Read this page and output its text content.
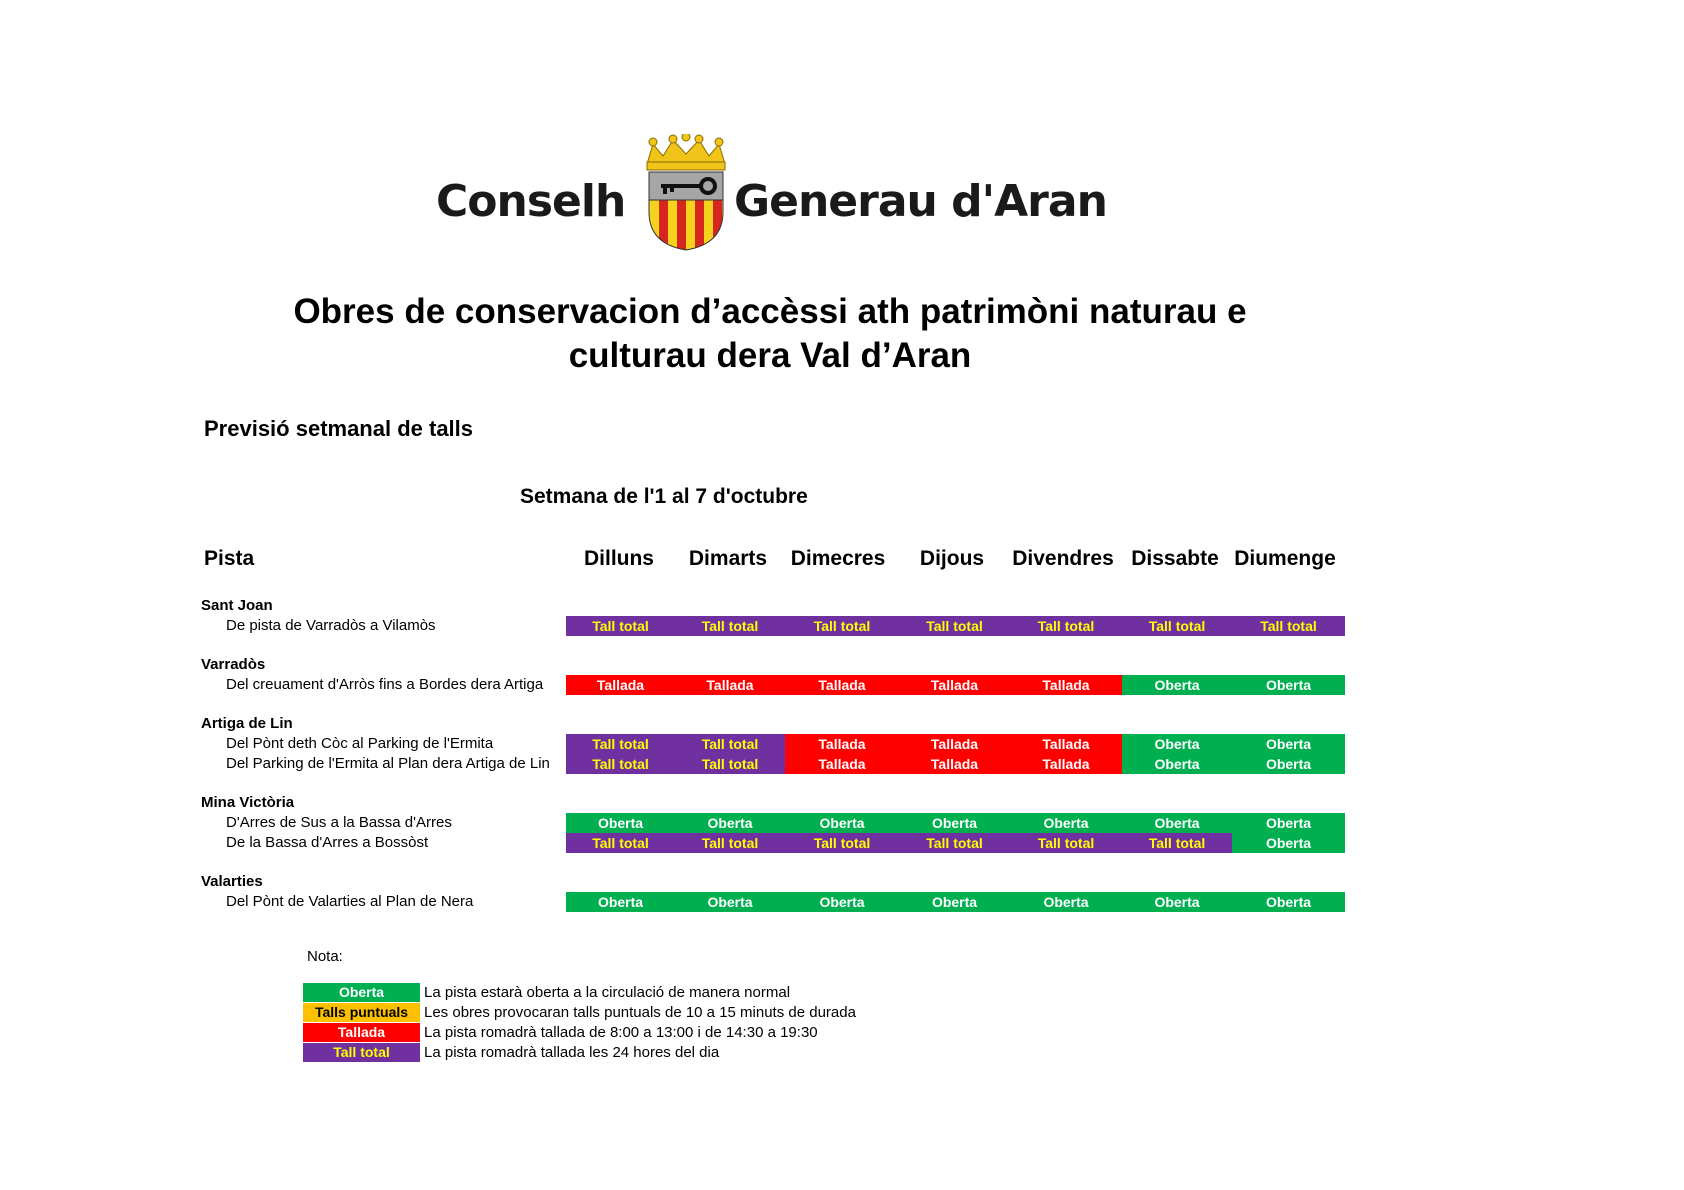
Conselh Generau d'Aran
Obres de conservacion d’accèssi ath patrimòni naturau e
culturau dera Val d’Aran
Previsió setmanal de talls
Setmana de l'1 al 7 d'octubre
Pista	Dilluns	Dimarts	Dimecres	Dijous	Divendres Dissabte Diumenge
Sant Joan
De pista de Varradòs a Vilamòs	Tall total	Tall total	Tall total	Tall total	Tall total	Tall total	Tall total
Varradòs
Del creuament d'Arròs fins a Bordes dera Artiga	Tallada	Tallada	Tallada	Tallada	Tallada	Oberta	Oberta
Artiga de Lin
Del Pònt deth Còc al Parking de l'Ermita	Tall total	Tall total	Tallada	Tallada	Tallada	Oberta	Oberta
Del Parking de l'Ermita al Plan dera Artiga de Lin	Tall total	Tall total	Tallada	Tallada	Tallada	Oberta	Oberta
Mina Victòria
D'Arres de Sus a la Bassa d'Arres	Oberta	Oberta	Oberta	Oberta	Oberta	Oberta	Oberta
De la Bassa d'Arres a Bossòst	Tall total	Tall total	Tall total	Tall total	Tall total	Tall total	Oberta
Valarties
Del Pònt de Valarties al Plan de Nera	Oberta	Oberta	Oberta	Oberta	Oberta	Oberta	Oberta
Nota:
Oberta	La pista estarà oberta a la circulació de manera normal
Talls puntuals	Les obres provocaran talls puntuals de 10 a 15 minuts de durada
Tallada	La pista romadrà tallada de 8:00 a 13:00 i de 14:30 a 19:30
Tall total	La pista romadrà tallada les 24 hores del dia
